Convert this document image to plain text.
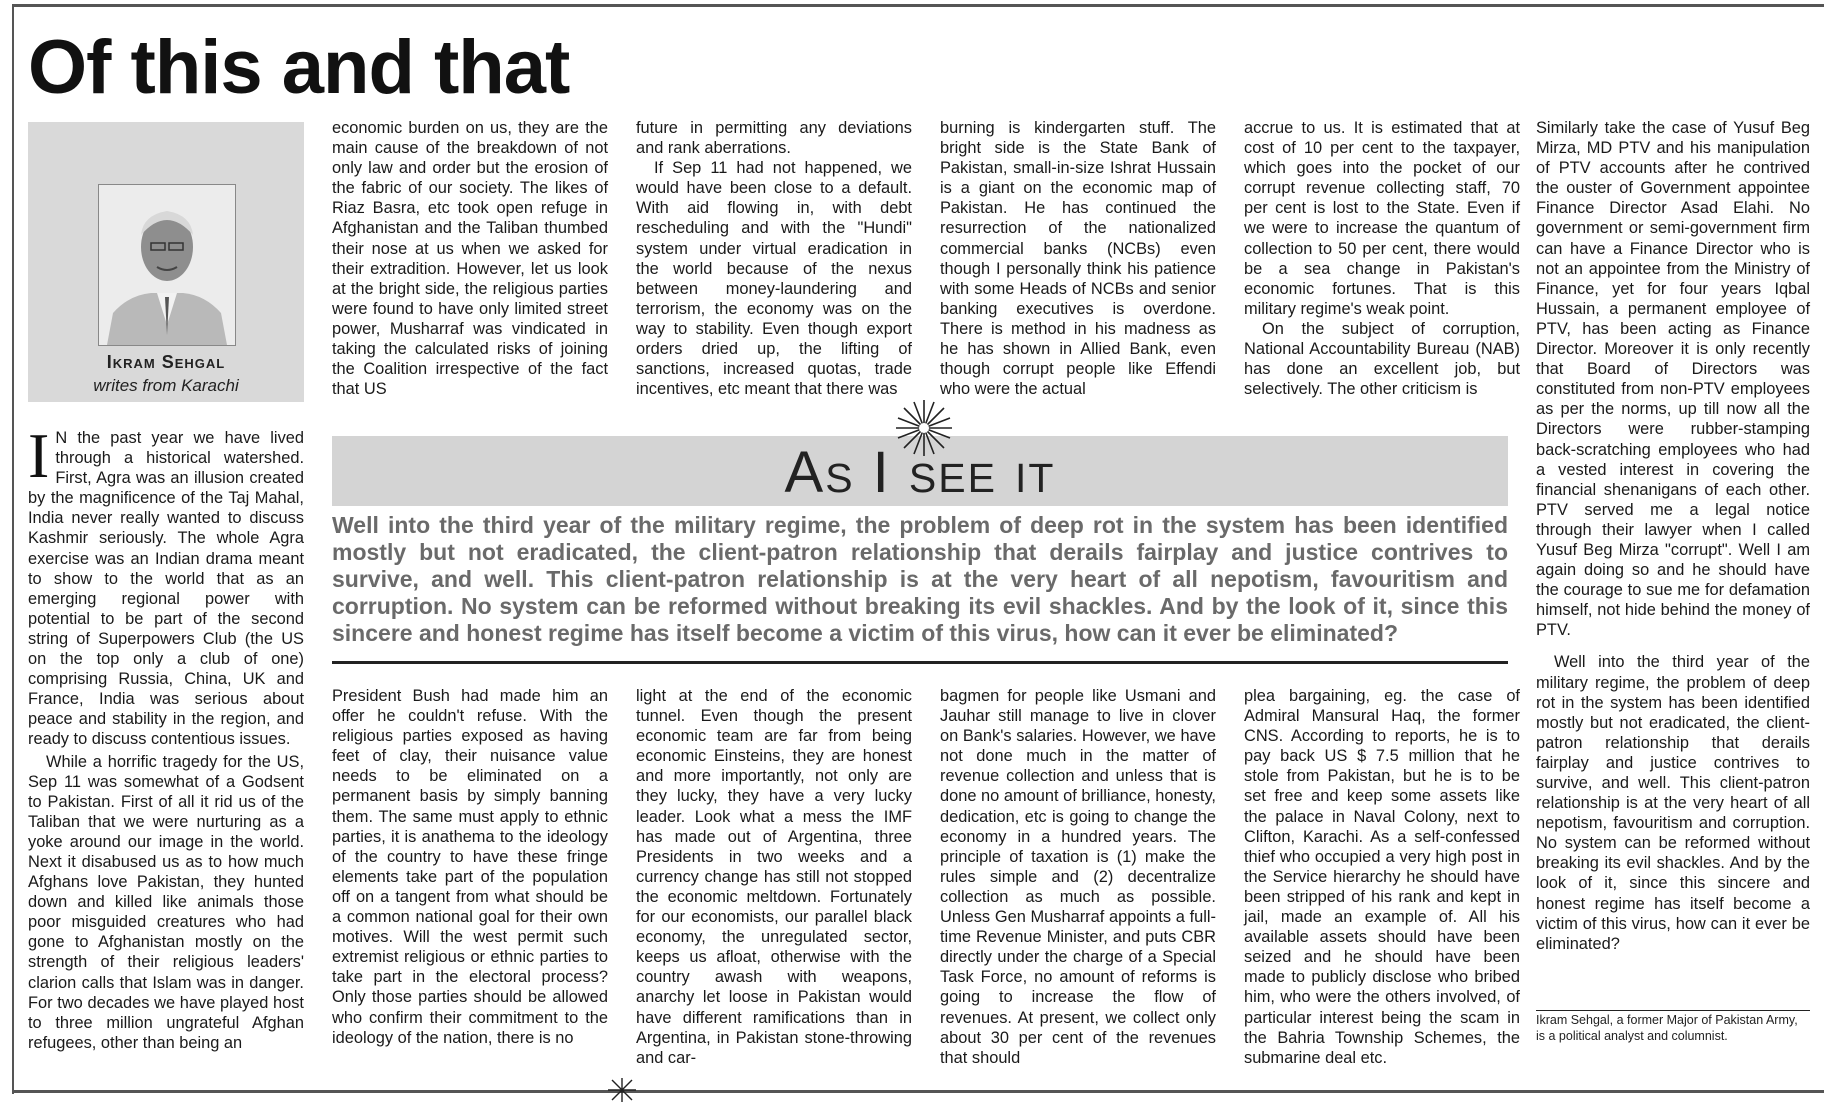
Of this and that
Ikram Sehgal
writes from Karachi

I N the past year we have lived through a historical watershed. First, Agra was an illusion created by the magnificence of the Taj Mahal, India never really wanted to discuss Kashmir seriously. The whole Agra exercise was an Indian drama meant to show to the world that as an emerging regional power with potential to be part of the second string of Superpowers Club (the US on the top only a club of one) comprising Russia, China, UK and France, India was serious about peace and stability in the region, and ready to discuss contentious issues.

While a horrific tragedy for the US, Sep 11 was somewhat of a Godsent to Pakistan. First of all it rid us of the Taliban that we were nurturing as a yoke around our image in the world. Next it disabused us as to how much Afghans love Pakistan, they hunted down and killed like animals those poor misguided creatures who had gone to Afghanistan mostly on the strength of their religious leaders' clarion calls that Islam was in danger. For two decades we have played host to three million ungrateful Afghan refugees, other than being an

economic burden on us, they are the main cause of the breakdown of not only law and order but the erosion of the fabric of our society. The likes of Riaz Basra, etc took open refuge in Afghanistan and the Taliban thumbed their nose at us when we asked for their extradition. However, let us look at the bright side, the religious parties were found to have only limited street power, Musharraf was vindicated in taking the calculated risks of joining the Coalition irrespective of the fact that US

future in permitting any deviations and rank aberrations.

If Sep 11 had not happened, we would have been close to a default. With aid flowing in, with debt rescheduling and with the "Hundi" system under virtual eradication in the world because of the nexus between money-laundering and terrorism, the economy was on the way to stability. Even though export orders dried up, the lifting of sanctions, increased quotas, trade incentives, etc meant that there was

burning is kindergarten stuff. The bright side is the State Bank of Pakistan, small-in-size Ishrat Hussain is a giant on the economic map of Pakistan. He has continued the resurrection of the nationalized commercial banks (NCBs) even though I personally think his patience with some Heads of NCBs and senior banking executives is overdone. There is method in his madness as he has shown in Allied Bank, even though corrupt people like Effendi who were the actual

accrue to us. It is estimated that at cost of 10 per cent to the taxpayer, which goes into the pocket of our corrupt revenue collecting staff, 70 per cent is lost to the State. Even if we were to increase the quantum of collection to 50 per cent, there would be a sea change in Pakistan's economic fortunes. That is this military regime's weak point.

On the subject of corruption, National Accountability Bureau (NAB) has done an excellent job, but selectively. The other criticism is

Similarly take the case of Yusuf Beg Mirza, MD PTV and his manipulation of PTV accounts after he contrived the ouster of Government appointee Finance Director Asad Elahi. No government or semi-government firm can have a Finance Director who is not an appointee from the Ministry of Finance, yet for four years Iqbal Hussain, a permanent employee of PTV, has been acting as Finance Director. Moreover it is only recently that Board of Directors was constituted from non-PTV employees as per the norms, up till now all the Directors were rubber-stamping back-scratching employees who had a vested interest in covering the financial shenanigans of each other. PTV served me a legal notice through their lawyer when I called Yusuf Beg Mirza "corrupt". Well I am again doing so and he should have the courage to sue me for defamation himself, not hide behind the money of PTV.

Well into the third year of the military regime, the problem of deep rot in the system has been identified mostly but not eradicated, the client-patron relationship that derails fairplay and justice contrives to survive, and well. This client-patron relationship is at the very heart of all nepotism, favouritism and corruption. No system can be reformed without breaking its evil shackles. And by the look of it, since this sincere and honest regime has itself become a victim of this virus, how can it ever be eliminated?

Ikram Sehgal, a former Major of Pakistan Army, is a political analyst and columnist.
As I see it
Well into the third year of the military regime, the problem of deep rot in the system has been identified mostly but not eradicated, the client-patron relationship that derails fairplay and justice contrives to survive, and well. This client-patron relationship is at the very heart of all nepotism, favouritism and corruption. No system can be reformed without breaking its evil shackles. And by the look of it, since this sincere and honest regime has itself become a victim of this virus, how can it ever be eliminated?

President Bush had made him an offer he couldn't refuse. With the religious parties exposed as having feet of clay, their nuisance value needs to be eliminated on a permanent basis by simply banning them. The same must apply to ethnic parties, it is anathema to the ideology of the country to have these fringe elements take part of the population off on a tangent from what should be a common national goal for their own motives. Will the west permit such extremist religious or ethnic parties to take part in the electoral process? Only those parties should be allowed who confirm their commitment to the ideology of the nation, there is no

light at the end of the economic tunnel. Even though the present economic team are far from being economic Einsteins, they are honest and more importantly, not only are they lucky, they have a very lucky leader. Look what a mess the IMF has made out of Argentina, three Presidents in two weeks and a currency change has still not stopped the economic meltdown. Fortunately for our economists, our parallel black economy, the unregulated sector, keeps us afloat, otherwise with the country awash with weapons, anarchy let loose in Pakistan would have different ramifications than in Argentina, in Pakistan stone-throwing and car-

bagmen for people like Usmani and Jauhar still manage to live in clover on Bank's salaries. However, we have not done much in the matter of revenue collection and unless that is done no amount of brilliance, honesty, dedication, etc is going to change the economy in a hundred years. The principle of taxation is (1) make the rules simple and (2) decentralize collection as much as possible. Unless Gen Musharraf appoints a full-time Revenue Minister, and puts CBR directly under the charge of a Special Task Force, no amount of reforms is going to increase the flow of revenues. At present, we collect only about 30 per cent of the revenues that should

plea bargaining, eg. the case of Admiral Mansural Haq, the former CNS. According to reports, he is to pay back US $ 7.5 million that he stole from Pakistan, but he is to be set free and keep some assets like the palace in Naval Colony, next to Clifton, Karachi. As a self-confessed thief who occupied a very high post in the Service hierarchy he should have been stripped of his rank and kept in jail, made an example of. All his available assets should have been seized and he should have been made to publicly disclose who bribed him, who were the others involved, of particular interest being the scam in the Bahria Township Schemes, the submarine deal etc.
